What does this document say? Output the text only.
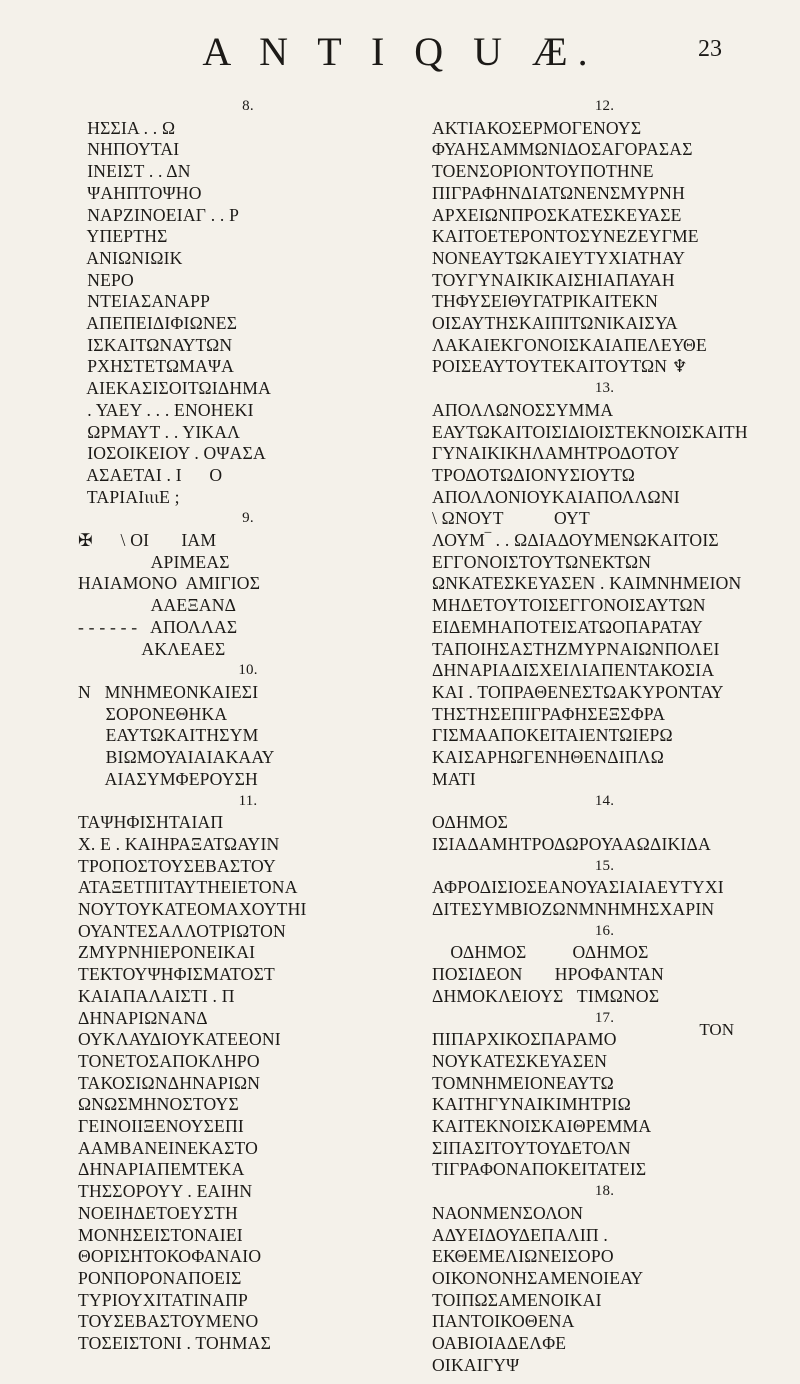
A N T I Q U Æ.	23
8.
ΗΣΣΙΑ . . Ω
ΝΗΠΟΥΤΑΙ
ΙΝΕΙΣΤ . . ΔΝ
ΨΑΗΠΤΟΨΗΟ
ΝΑΡΖΙΝΟΕΙΑΓ . . Ρ
ΥΠΕΡΤΗΣ
ΑΝΙΩΝΙΩΙΚ
ΝΕΡΟ
ΝΤΕΙΑΣΑΝΑΡΡ
ΑΠΕΠΕΙΔΙΦΙΩΝΕΣ
ΙΣΚΑΙΤΩΝΑΥΤΩΝ
ΡΧΗΣΤΕΤΩΜΑΨΑ
ΑΙΕΚΑΣΙΣΟΙΤΩΙΔΗΜΑ
. ΥΑΕΥ . . . ΕΝΟΗΕΚΙ
ΩΡΜΑΥΤ . . ΥΙΚΑΛ
ΙΟΣΟΙΚΕΙΟΥ . ΟΨΑΣΑ
ΑΣΑΕΤΑΙ . Ι      Ο
ΤΑΡΙΑΙιιιΕ ;
9.
✠      \ ΟΙ       ΙΑΜ
ΑΡΙΜΕΑΣ
ΗΑΙΑΜΟΝΟ  ΑΜΙΓΙΟΣ
ΑΑΕΞΑΝΔ
- - - - - -   ΑΠΟΛΛΑΣ
ΑΚΛΕΑΕΣ
10.
Ν   ΜΝΗΜΕΟΝΚΑΙΕΣΙ
ΣΟΡΟΝΕΘΗΚΑ
ΕΑΥΤΩΚΑΙΤΗΣΥΜ
ΒΙΩΜΟΥΑΙΑΙΑΚΑΑΥ
ΑΙΑΣΥΜΦΕΡΟΥΣΗ
11.
ΤΑΨΗΦΙΣΗΤΑΙΑΠ
Χ. Ε . ΚΑΙΗΡΑΞΑΤΩΑΥΙΝ
ΤΡΟΠΟΣΤΟΥΣΕΒΑΣΤΟΥ
ΑΤΑΞΕΤΠΙΤΑΥΤΗΕΙΕΤΟΝΑ
ΝΟΥΤΟΥΚΑΤΕΟΜΑΧΟΥΤΗΙ
ΟΥΑΝΤΕΣΑΛΛΟΤΡΙΩΤΟΝ
ΖΜΥΡΝΗΙΕΡΟΝΕΙΚΑΙ
ΤΕΚΤΟΥΨΗΦΙΣΜΑΤΟΣΤ
ΚΑΙΑΠΑΛΑΙΣΤΙ . Π
ΔΗΝΑΡΙΩΝΑΝΔ
ΟΥΚΛΑΥΔΙΟΥΚΑΤΕΕΟΝΙ
ΤΟΝΕΤΟΣΑΠΟΚΛΗΡΟ
ΤΑΚΟΣΙΩΝΔΗΝΑΡΙΩΝ
ΩΝΩΣΜΗΝΟΣΤΟΥΣ
ΓΕΙΝΟΙΙΞΕΝΟΥΣΕΠΙ
ΑΑΜΒΑΝΕΙΝΕΚΑΣΤΟ
ΔΗΝΑΡΙΑΠΕΜΤΕΚΑ
ΤΗΣΣΟΡΟΥΥ . ΕΑΙΗΝ
ΝΟΕΙΗΔΕΤΟΕΥΣΤΗ
ΜΟΝΗΣΕΙΣΤΟΝΑΙΕΙ
ΘΟΡΙΣΗΤΟΚΟΦΑΝΑΙΟ
ΡΟΝΠΟΡΟΝΑΠΟΕΙΣ
ΤΥΡΙΟΥΧΙΤΑΤΙΝΑΠΡ
ΤΟΥΣΕΒΑΣΤΟΥΜΕΝΟ
ΤΟΣΕΙΣΤΟΝΙ . ΤΟΗΜΑΣ
12.
ΑΚΤΙΑΚΟΣΕΡΜΟΓΕΝΟΥΣ
ΦΥΑΗΣΑΜΜΩΝΙΔΟΣΑΓΟΡΑΣΑΣ
ΤΟΕΝΣΟΡΙΟΝΤΟΥΠΟΤΗΝΕ
ΠΙΓΡΑΦΗΝΔΙΑΤΩΝΕΝΣΜΥΡΝΗ
ΑΡΧΕΙΩΝΠΡΟΣΚΑΤΕΣΚΕΥΑΣΕ
ΚΑΙΤΟΕΤΕΡΟΝΤΟΣΥΝΕΖΕΥΓΜΕ
ΝΟΝΕΑΥΤΩΚΑΙΕΥΤΥΧΙΑΤΗΑΥ
ΤΟΥΓΥΝΑΙΚΙΚΑΙΣΗΙΑΠΑΥΑΗ
ΤΗΦΥΣΕΙΘΥΓΑΤΡΙΚΑΙΤΕΚΝ
ΟΙΣΑΥΤΗΣΚΑΙΠΙΤΩΝΙΚΑΙΣΥΑ
ΛΑΚΑΙΕΚΓΟΝΟΙΣΚΑΙΑΠΕΛΕΥΘΕ
ΡΟΙΣΕΑΥΤΟΥΤΕΚΑΙΤΟΥΤΩΝ ♆
13.
ΑΠΟΛΛΩΝΟΣΣΥΜΜΑ
ΕΑΥΤΩΚΑΙΤΟΙΣΙΔΙΟΙΣΤΕΚΝΟΙΣΚΑΙΤΗ
ΓΥΝΑΙΚΙΚΗΛΑΜΗΤΡΟΔΟΤΟΥ
ΤΡΟΔΟΤΩΔΙΟΝΥΣΙΟΥΤΩ
ΑΠΟΛΛΟΝΙΟΥΚΑΙΑΠΟΛΛΩΝΙ
\ ΩΝΟΥΤ           ΟΥΤ
ΛΟΥΜ‾ . . ΩΔΙΑΔΟΥΜΕΝΩΚΑΙΤΟΙΣ
ΕΓΓΟΝΟΙΣΤΟΥΤΩΝΕΚΤΩΝ
ΩΝΚΑΤΕΣΚΕΥΑΣΕΝ . ΚΑΙΜΝΗΜΕΙΟΝ
ΜΗΔΕΤΟΥΤΟΙΣΕΓΓΟΝΟΙΣΑΥΤΩΝ
ΕΙΔΕΜΗΑΠΟΤΕΙΣΑΤΩΟΠΑΡΑΤΑΥ
ΤΑΠΟΙΗΣΑΣΤΗΖΜΥΡΝΑΙΩΝΠΟΛΕΙ
ΔΗΝΑΡΙΑΔΙΣΧΕΙΛΙΑΠΕΝΤΑΚΟΣΙΑ
ΚΑΙ . ΤΟΠΡΑΘΕΝΕΣΤΩΑΚΥΡΟΝΤΑΥ
ΤΗΣΤΗΣΕΠΙΓΡΑΦΗΣΕΞΣΦΡΑ
ΓΙΣΜΑΑΠΟΚΕΙΤΑΙΕΝΤΩΙΕΡΩ
ΚΑΙΣΑΡΗΩΓΕΝΗΘΕΝΔΙΠΛΩ
ΜΑΤΙ
14.
ΟΔΗΜΟΣ
ΙΣΙΑΔΑΜΗΤΡΟΔΩΡΟΥΑΑΩΔΙΚΙΔΑ
15.
ΑΦΡΟΔΙΣΙΟΣΕΑΝΟΥΑΣΙΑΙΑΕΥΤΥΧΙ
ΔΙΤΕΣΥΜΒΙΟΖΩΝΜΝΗΜΗΣΧΑΡΙΝ
16.
ΟΔΗΜΟΣ          ΟΔΗΜΟΣ
ΠΟΣΙΔΕΟΝ       ΗΡΟΦΑΝΤΑΝ
ΔΗΜΟΚΛΕΙΟΥΣ   ΤΙΜΩΝΟΣ
17.
ΠΙΠΑΡΧΙΚΟΣΠΑΡΑΜΟ
ΝΟΥΚΑΤΕΣΚΕΥΑΣΕΝ
ΤΟΜΝΗΜΕΙΟΝΕΑΥΤΩ
ΚΑΙΤΗΓΥΝΑΙΚΙΜΗΤΡΙΩ
ΚΑΙΤΕΚΝΟΙΣΚΑΙΘΡΕΜΜΑ
ΣΙΠΑΣΙΤΟΥΤΟΥΔΕΤΟΛΝ
ΤΙΓΡΑΦΟΝΑΠΟΚΕΙΤΑΤΕΙΣ
18.
ΝΑΟΝΜΕΝΣΟΛΟΝ
ΑΔΥΕΙΔΟΥΔΕΠΑΛΙΠ .
ΕΚΘΕΜΕΛΙΩΝΕΙΣΟΡΟ
ΟΙΚΟΝΟΝΗΣΑΜΕΝΟΙΕΑΥ
ΤΟΙΠΩΣΑΜΕΝΟΙΚΑΙ
ΠΑΝΤΟΙΚΟΘΕΝΑ
ΟΑΒΙΟΙΑΔΕΛΦΕ
ΟΙΚΑΙΓΥΨ
TON
